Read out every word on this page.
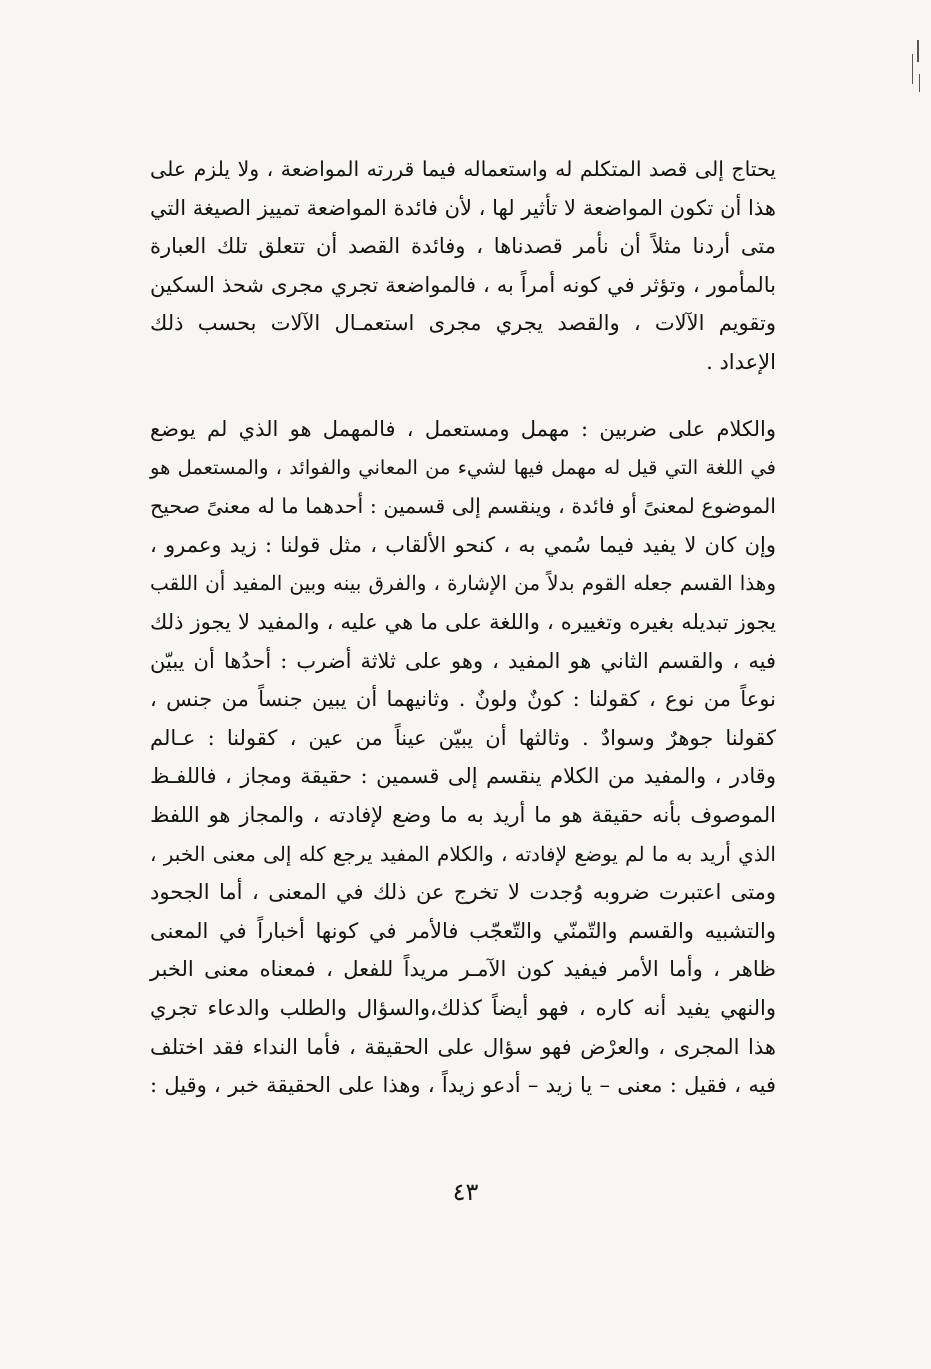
يحتاج إلى قصد المتكلم له واستعماله فيما قررته المواضعة ، ولا يلزم على
هذا أن تكون المواضعة لا تأثير لها ، لأن فائدة المواضعة تمييز الصيغة التي
متى أردنا مثلاً أن نأمر قصدناها ، وفائدة القصد أن تتعلق تلك العبارة
بالمأمور ، وتؤثر في كونه أمراً به ، فالمواضعة تجري مجرى شحذ السكين
وتقويم الآلات ، والقصد يجري مجرى استعمـال الآلات بحسب ذلك
الإعداد .
والكلام على ضربين : مهمل ومستعمل ، فالمهمل هو الذي لم يوضع
في اللغة التي قيل له مهمل فيها لشيء من المعاني والفوائد ، والمستعمل هو
الموضوع لمعنىً أو فائدة ، وينقسم إلى قسمين : أحدهما ما له معنىً صحيح
وإن كان لا يفيد فيما سُمي به ، كنحو الألقاب ، مثل قولنا : زيد وعمرو ،
وهذا القسم جعله القوم بدلاً من الإشارة ، والفرق بينه وبين المفيد أن اللقب
يجوز تبديله بغيره وتغييره ، واللغة على ما هي عليه ، والمفيد لا يجوز ذلك
فيه ، والقسم الثاني هو المفيد ، وهو على ثلاثة أضرب : أحدُها أن يبيّن
نوعاً من نوع ، كقولنا : كونٌ ولونٌ . وثانيهما أن يبين جنساً من جنس ،
كقولنا جوهرٌ وسوادٌ . وثالثها أن يبيّن عيناً من عين ، كقولنا : عـالم
وقادر ، والمفيد من الكلام ينقسم إلى قسمين : حقيقة ومجاز ، فاللفـظ
الموصوف بأنه حقيقة هو ما أريد به ما وضع لإفادته ، والمجاز هو اللفظ
الذي أريد به ما لم يوضع لإفادته ، والكلام المفيد يرجع كله إلى معنى الخبر ،
ومتى اعتبرت ضروبه وُجدت لا تخرج عن ذلك في المعنى ، أما الجحود
والتشبيه والقسم والتّمنّي والتّعجّب فالأمر في كونها أخباراً في المعنى
ظاهر ، وأما الأمر فيفيد كون الآمـر مريداً للفعل ، فمعناه معنى الخبر
والنهي يفيد أنه كاره ، فهو أيضاً كذلك،والسؤال والطلب والدعاء تجري
هذا المجرى ، والعرْض فهو سؤال على الحقيقة ، فأما النداء فقد اختلف
فيه ، فقيل : معنى – يا زيد – أدعو زيداً ، وهذا على الحقيقة خبر ، وقيل :
٤٣
